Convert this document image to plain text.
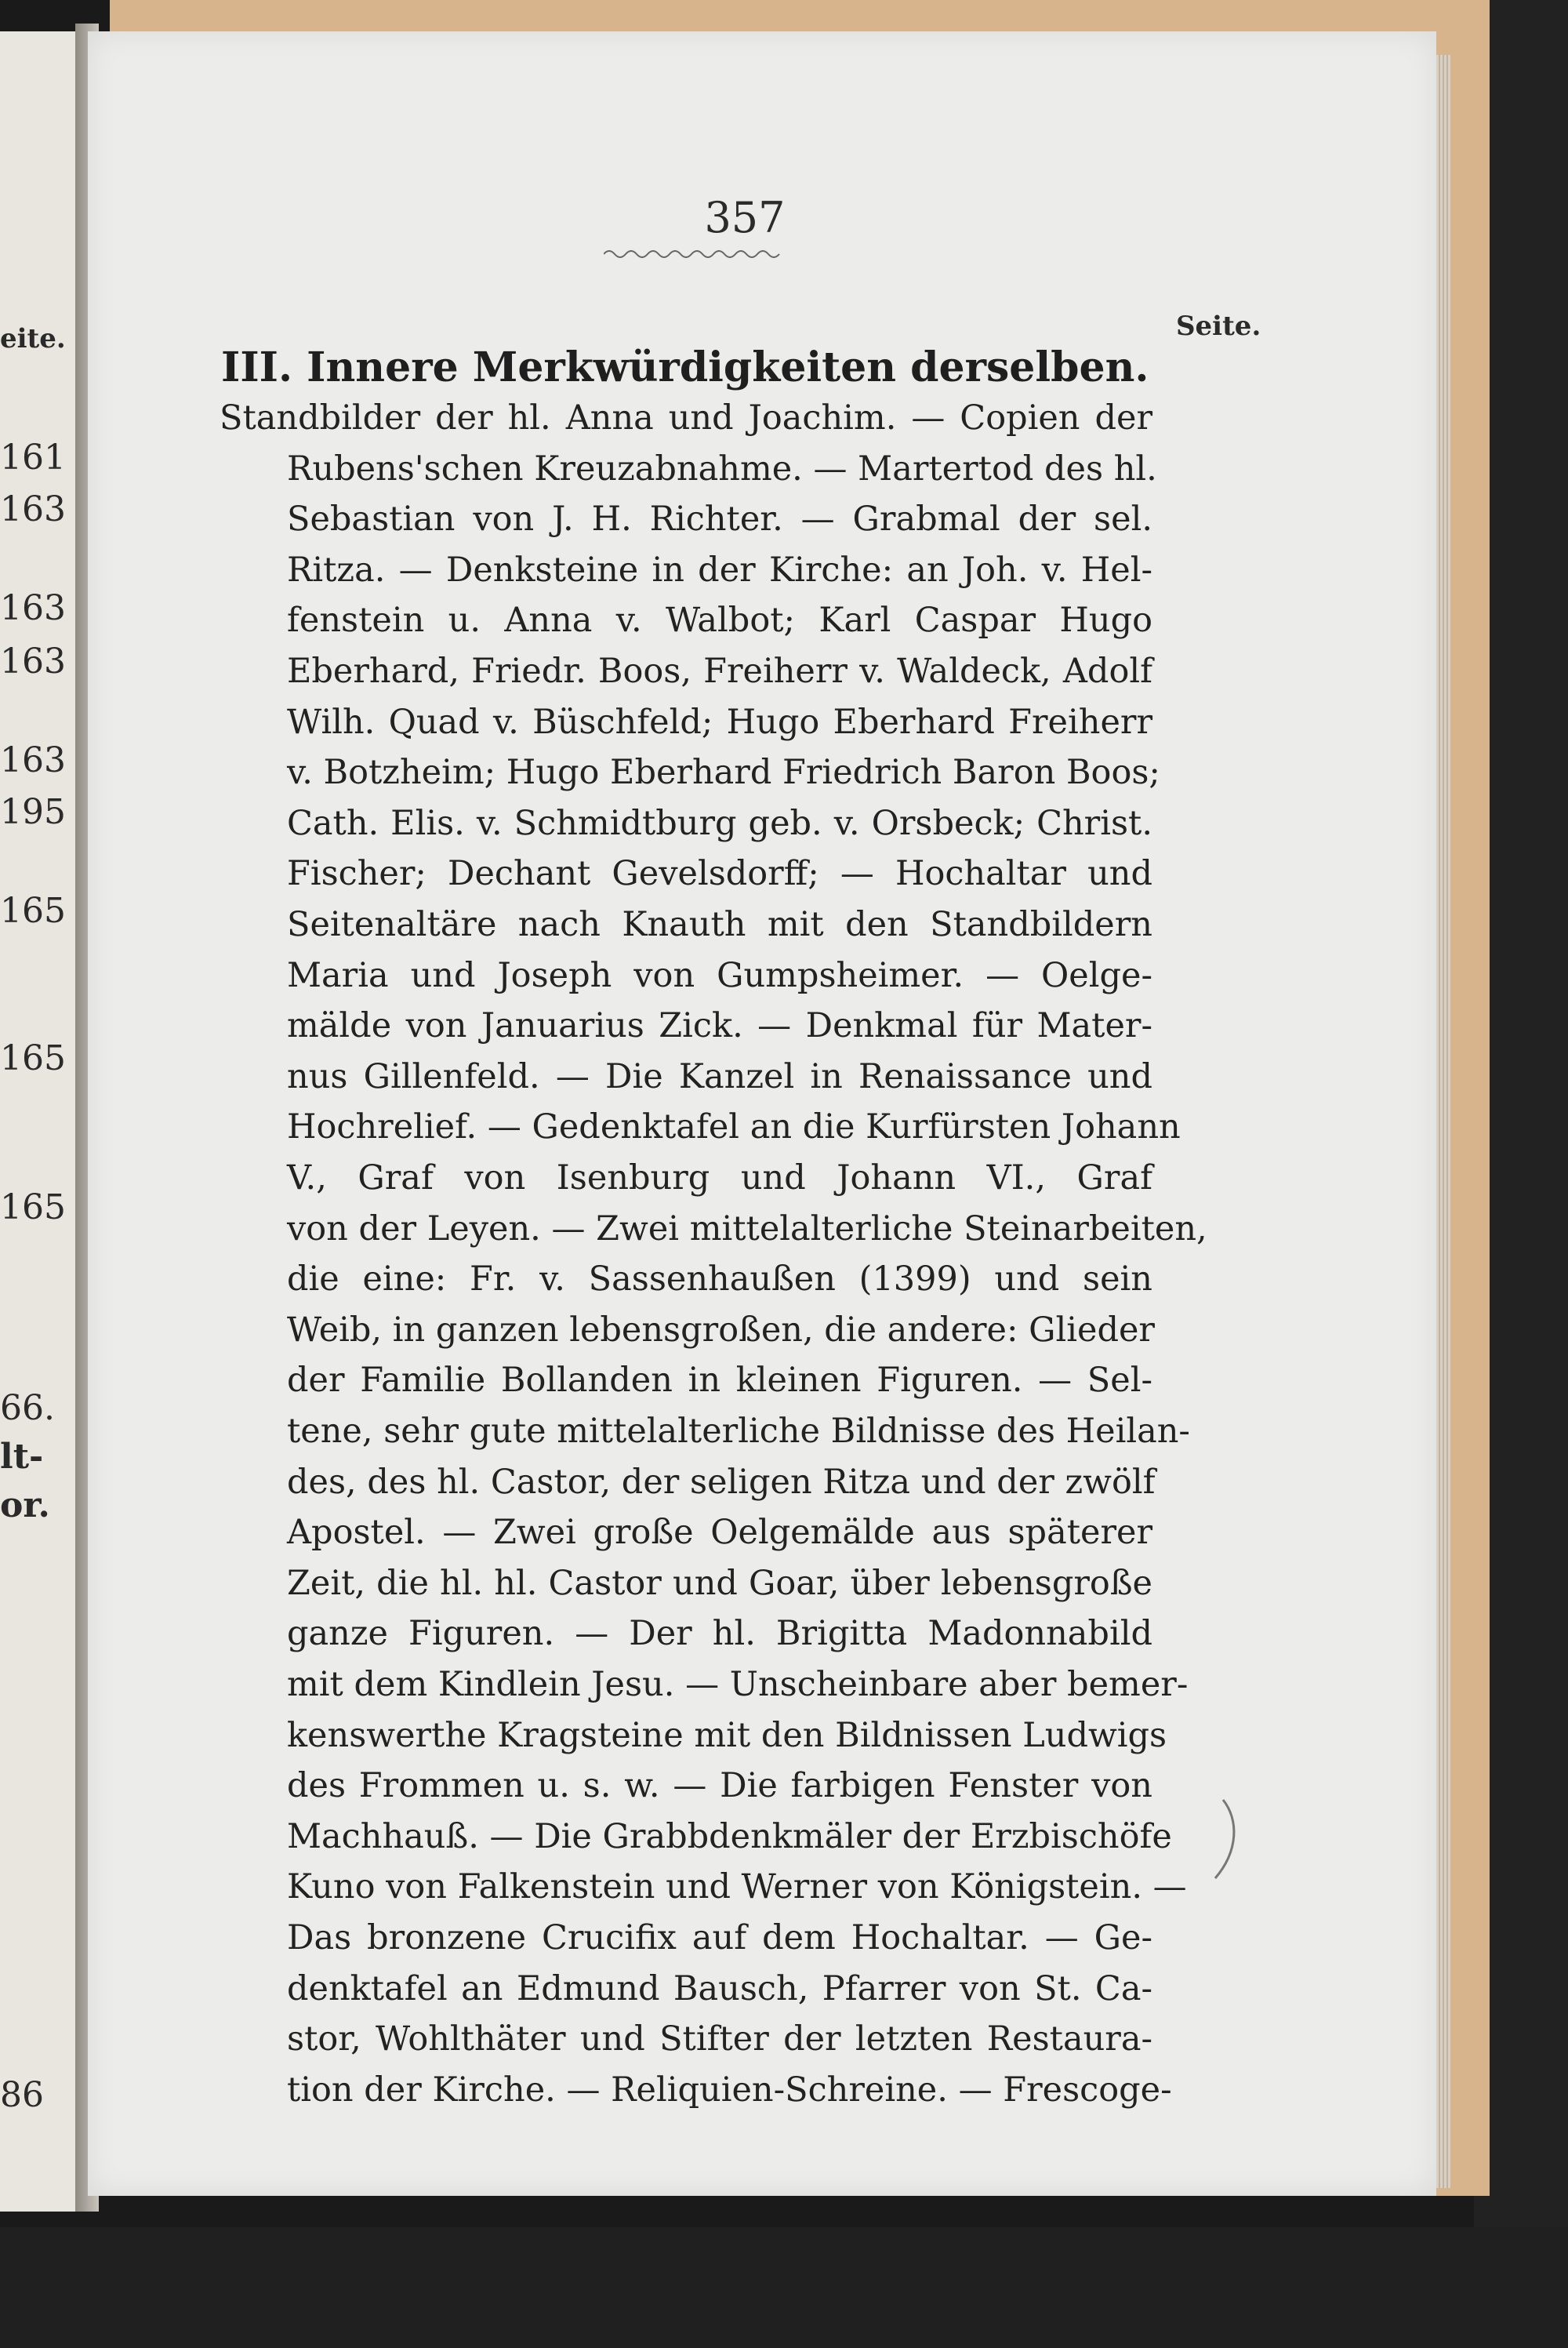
eite.
161
163
163
163
163
195
165
165
165
66.
lt-
or.
86
357
Seite.
III. Innere Merkwürdigkeiten derselben.
Standbilder der hl. Anna und Joachim. — Copien der
Rubens'schen Kreuzabnahme. — Martertod des hl.
Sebastian von J. H. Richter. — Grabmal der sel.
Ritza. — Denksteine in der Kirche: an Joh. v. Hel-
fenstein u. Anna v. Walbot; Karl Caspar Hugo
Eberhard, Friedr. Boos, Freiherr v. Waldeck, Adolf
Wilh. Quad v. Büschfeld; Hugo Eberhard Freiherr
v. Botzheim; Hugo Eberhard Friedrich Baron Boos;
Cath. Elis. v. Schmidtburg geb. v. Orsbeck; Christ.
Fischer; Dechant Gevelsdorff; — Hochaltar und
Seitenaltäre nach Knauth mit den Standbildern
Maria und Joseph von Gumpsheimer. — Oelge-
mälde von Januarius Zick. — Denkmal für Mater-
nus Gillenfeld. — Die Kanzel in Renaissance und
Hochrelief. — Gedenktafel an die Kurfürsten Johann
V., Graf von Isenburg und Johann VI., Graf
von der Leyen. — Zwei mittelalterliche Steinarbeiten,
die eine: Fr. v. Sassenhaußen (1399) und sein
Weib, in ganzen lebensgroßen, die andere: Glieder
der Familie Bollanden in kleinen Figuren. — Sel-
tene, sehr gute mittelalterliche Bildnisse des Heilan-
des, des hl. Castor, der seligen Ritza und der zwölf
Apostel. — Zwei große Oelgemälde aus späterer
Zeit, die hl. hl. Castor und Goar, über lebensgroße
ganze Figuren. — Der hl. Brigitta Madonnabild
mit dem Kindlein Jesu. — Unscheinbare aber bemer-
kenswerthe Kragsteine mit den Bildnissen Ludwigs
des Frommen u. s. w. — Die farbigen Fenster von
Machhauß. — Die Grabbdenkmäler der Erzbischöfe
Kuno von Falkenstein und Werner von Königstein. —
Das bronzene Crucifix auf dem Hochaltar. — Ge-
denktafel an Edmund Bausch, Pfarrer von St. Ca-
stor, Wohlthäter und Stifter der letzten Restaura-
tion der Kirche. — Reliquien-Schreine. — Frescoge-
